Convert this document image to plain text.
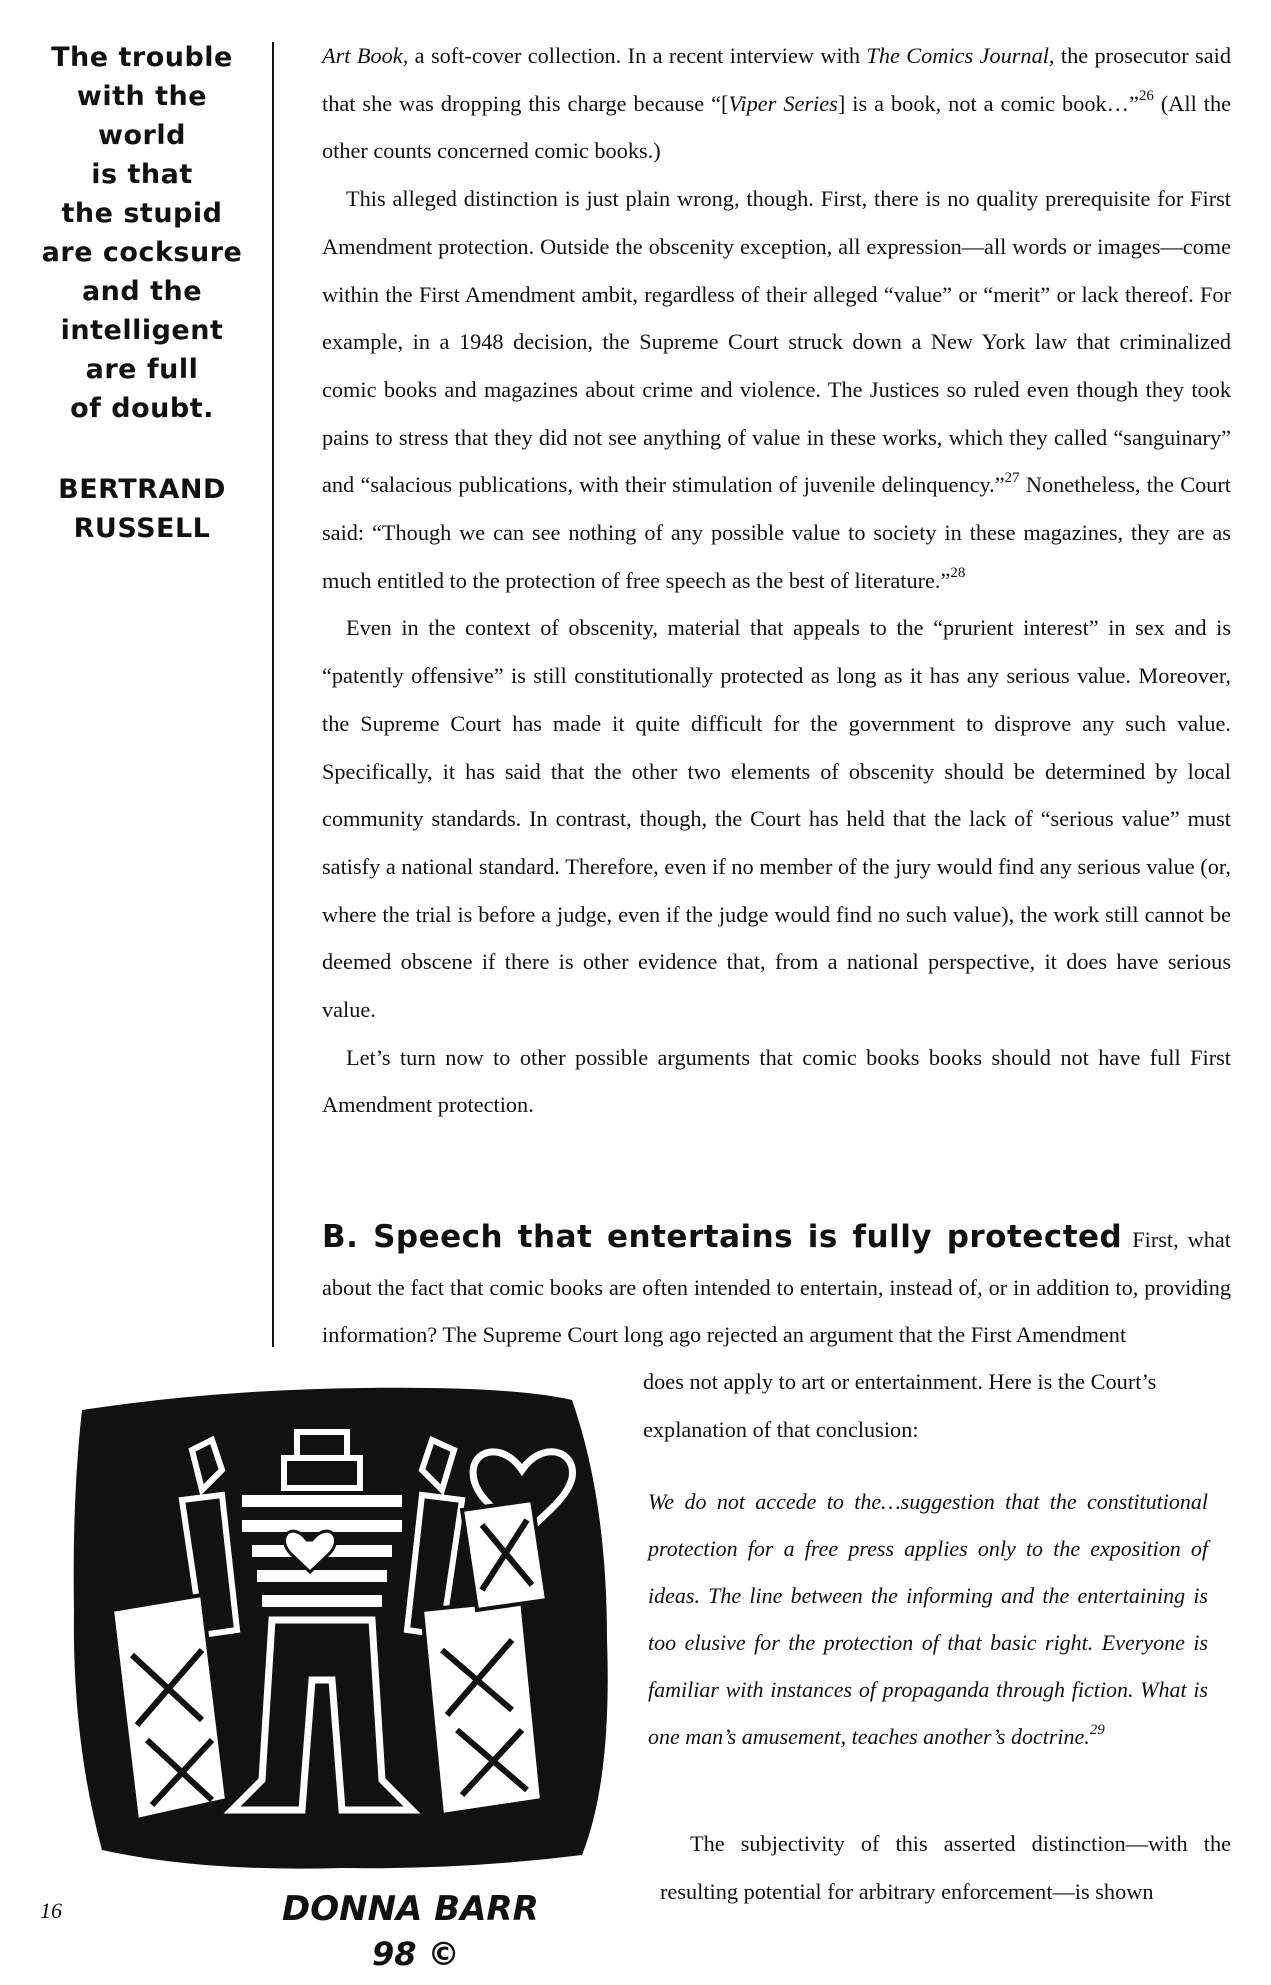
The trouble
with the world
is that
the stupid
are cocksure
and the
intelligent
are full
of doubt.
BERTRAND
RUSSELL

Art Book, a soft-cover collection. In a recent interview with The Comics Journal, the prosecutor said that she was dropping this charge because “[Viper Series] is a book, not a comic book…”$^{26}$ (All the other counts concerned comic books.)

This alleged distinction is just plain wrong, though. First, there is no quality prerequisite for First Amendment protection. Outside the obscenity exception, all expression—all words or images—come within the First Amendment ambit, regardless of their alleged “value” or “merit” or lack thereof. For example, in a 1948 decision, the Supreme Court struck down a New York law that criminalized comic books and magazines about crime and violence. The Justices so ruled even though they took pains to stress that they did not see anything of value in these works, which they called “sanguinary” and “salacious publications, with their stimulation of juvenile delinquency.”$^{27}$ Nonetheless, the Court said: “Though we can see nothing of any possible value to society in these magazines, they are as much entitled to the protection of free speech as the best of literature.”$^{28}$

Even in the context of obscenity, material that appeals to the “prurient interest” in sex and is “patently offensive” is still constitutionally protected as long as it has any serious value. Moreover, the Supreme Court has made it quite difficult for the government to disprove any such value. Specifically, it has said that the other two elements of obscenity should be determined by local community standards. In contrast, though, the Court has held that the lack of “serious value” must satisfy a national standard. Therefore, even if no member of the jury would find any serious value (or, where the trial is before a judge, even if the judge would find no such value), the work still cannot be deemed obscene if there is other evidence that, from a national perspective, it does have serious value.

Let’s turn now to other possible arguments that comic books books should not have full First Amendment protection.

B. Speech that entertains is fully protected First, what about the fact that comic books are often intended to entertain, instead of, or in addition to, providing information? The Supreme Court long ago rejected an argument that the First Amendment

does not apply to art or entertainment. Here is the Court’s explanation of that conclusion:

We do not accede to the…suggestion that the constitutional protection for a free press applies only to the exposition of ideas. The line between the informing and the entertaining is too elusive for the protection of that basic right. Everyone is familiar with instances of propaganda through fiction. What is one man’s amusement, teaches another’s doctrine.$^{29}$

The subjectivity of this asserted distinction—with the resulting potential for arbitrary enforcement—is shown

DONNA BARR
98 ©
16
